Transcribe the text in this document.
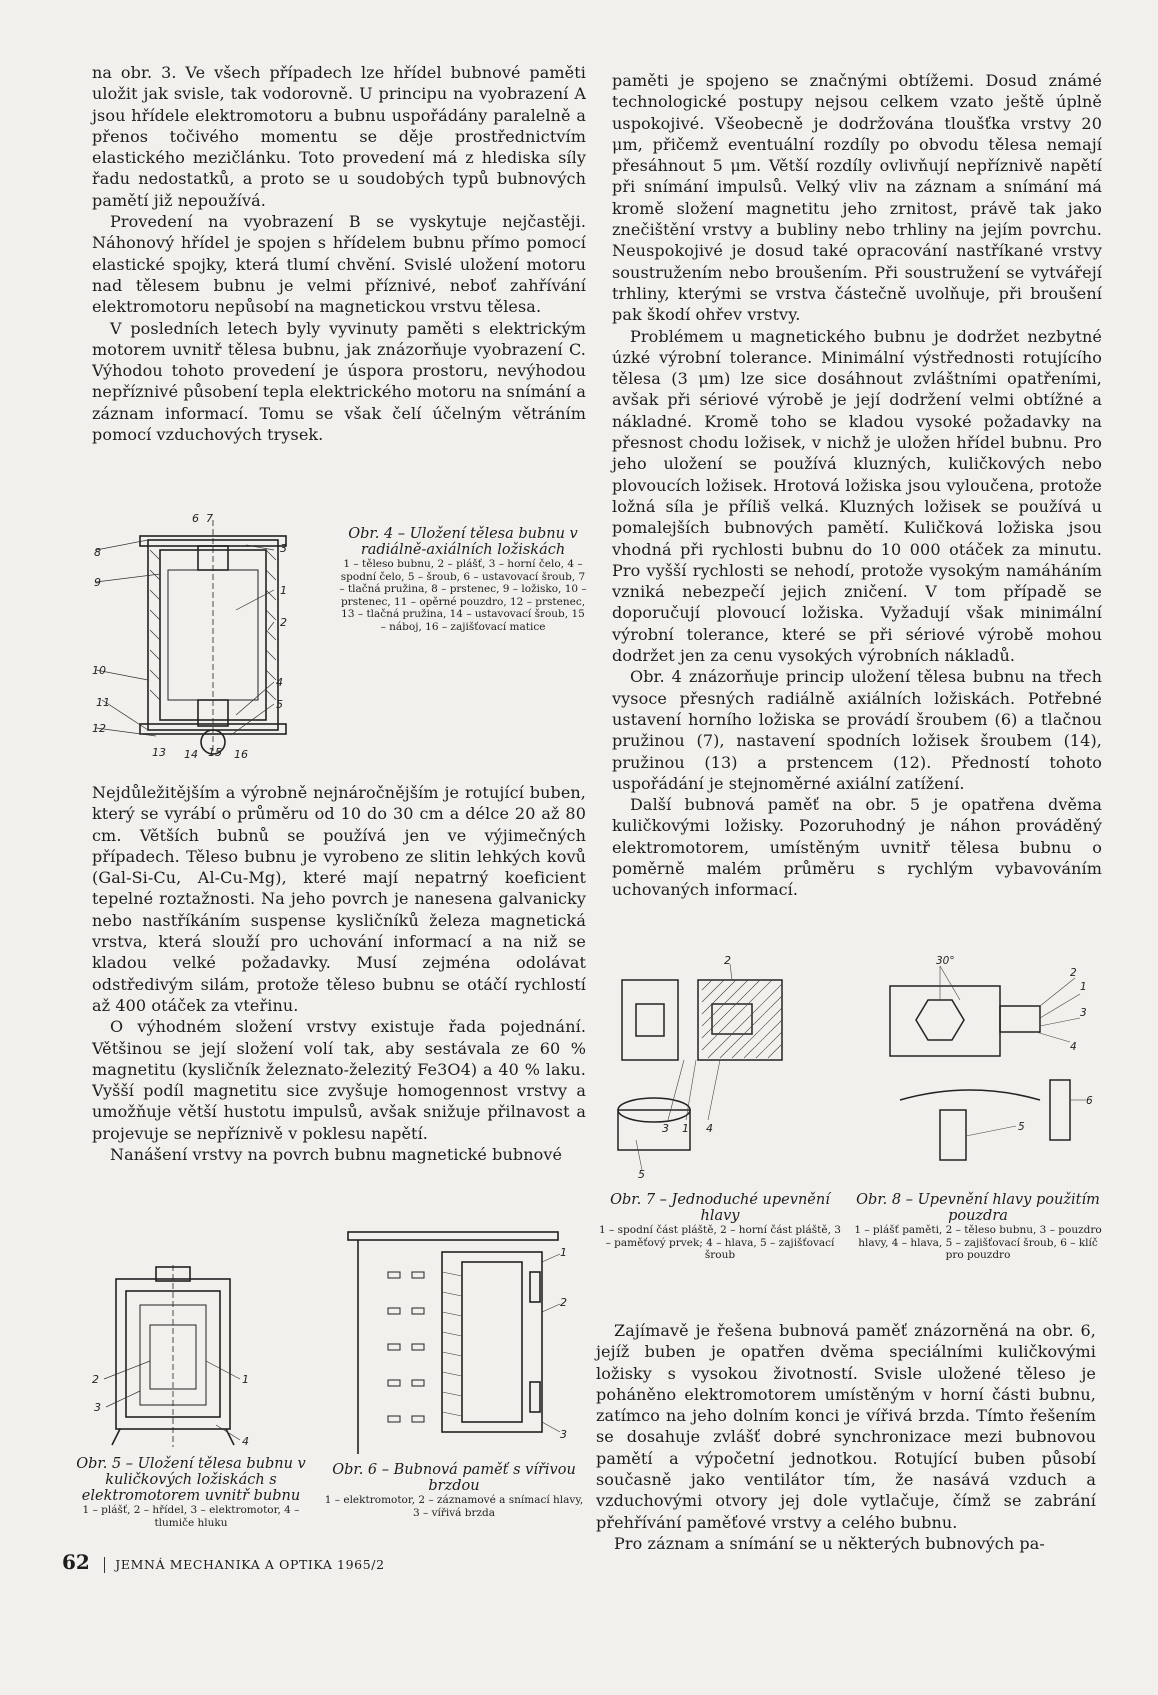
na obr. 3. Ve všech případech lze hřídel bubnové paměti uložit jak svisle, tak vodorovně. U principu na vyobrazení A jsou hřídele elektromotoru a bubnu uspořádány paralelně a přenos točivého momentu se děje prostřednictvím elastického mezičlánku. Toto provedení má z hlediska síly řadu nedostatků, a proto se u soudobých typů bubnových pamětí již nepoužívá.

Provedení na vyobrazení B se vyskytuje nejčastěji. Náhonový hřídel je spojen s hřídelem bubnu přímo pomocí elastické spojky, která tlumí chvění. Svislé uložení motoru nad tělesem bubnu je velmi příznivé, neboť zahřívání elektromotoru nepůsobí na magnetickou vrstvu tělesa.

V posledních letech byly vyvinuty paměti s elektrickým motorem uvnitř tělesa bubnu, jak znázorňuje vyobrazení C. Výhodou tohoto provedení je úspora prostoru, nevýhodou nepříznivé působení tepla elektrického motoru na snímání a záznam informací. Tomu se však čelí účelným větráním pomocí vzduchových trysek.

6 7
8	3
9
1
2
10
4
11	5
12
13 14 15 16
Obr. 4 – Uložení tělesa bubnu v radiálně-axiálních ložiskách
1 – těleso bubnu, 2 – plášť, 3 – horní čelo, 4 – spodní čelo, 5 – šroub, 6 – ustavovací šroub, 7 – tlačná pružina, 8 – prstenec, 9 – ložisko, 10 – prstenec, 11 – opěrné pouzdro, 12 – prstenec, 13 – tlačná pružina, 14 – ustavovací šroub, 15 – náboj, 16 – zajišťovací matice

Nejdůležitějším a výrobně nejnáročnějším je rotující buben, který se vyrábí o průměru od 10 do 30 cm a délce 20 až 80 cm. Větších bubnů se používá jen ve výjimečných případech. Těleso bubnu je vyrobeno ze slitin lehkých kovů (Gal-Si-Cu, Al-Cu-Mg), které mají nepatrný koeficient tepelné roztažnosti. Na jeho povrch je nanesena galvanicky nebo nastříkáním suspense kysličníků železa magnetická vrstva, která slouží pro uchování informací a na niž se kladou velké požadavky. Musí zejména odolávat odstředivým silám, protože těleso bubnu se otáčí rychlostí až 400 otáček za vteřinu.

O výhodném složení vrstvy existuje řada pojednání. Většinou se její složení volí tak, aby sestávala ze 60 % magnetitu (kysličník železnato-železitý Fe3O4) a 40 % laku. Vyšší podíl magnetitu sice zvyšuje homogennost vrstvy a umožňuje větší hustotu impulsů, avšak snižuje přilnavost a projevuje se nepříznivě v poklesu napětí.

Nanášení vrstvy na povrch bubnu magnetické bubnové

2	1
3
4
Obr. 5 – Uložení tělesa bubnu v kuličkových ložiskách s elektromotorem uvnitř bubnu
1 – plášť, 2 – hřídel, 3 – elektromotor, 4 – tlumiče hluku
1
2
3
Obr. 6 – Bubnová paměť s vířivou brzdou
1 – elektromotor, 2 – záznamové a snímací hlavy, 3 – vířivá brzda

paměti je spojeno se značnými obtížemi. Dosud známé technologické postupy nejsou celkem vzato ještě úplně uspokojivé. Všeobecně je dodržována tloušťka vrstvy 20 μm, přičemž eventuální rozdíly po obvodu tělesa nemají přesáhnout 5 μm. Větší rozdíly ovlivňují nepříznivě napětí při snímání impulsů. Velký vliv na záznam a snímání má kromě složení magnetitu jeho zrnitost, právě tak jako znečištění vrstvy a bubliny nebo trhliny na jejím povrchu. Neuspokojivé je dosud také opracování nastříkané vrstvy soustružením nebo broušením. Při soustružení se vytvářejí trhliny, kterými se vrstva částečně uvolňuje, při broušení pak škodí ohřev vrstvy.

Problémem u magnetického bubnu je dodržet nezbytné úzké výrobní tolerance. Minimální výstřednosti rotujícího tělesa (3 μm) lze sice dosáhnout zvláštními opatřeními, avšak při sériové výrobě je její dodržení velmi obtížné a nákladné. Kromě toho se kladou vysoké požadavky na přesnost chodu ložisek, v nichž je uložen hřídel bubnu. Pro jeho uložení se používá kluzných, kuličkových nebo plovoucích ložisek. Hrotová ložiska jsou vyloučena, protože ložná síla je příliš velká. Kluzných ložisek se používá u pomalejších bubnových pamětí. Kuličková ložiska jsou vhodná při rychlosti bubnu do 10 000 otáček za minutu. Pro vyšší rychlosti se nehodí, protože vysokým namáháním vzniká nebezpečí jejich zničení. V tom případě se doporučují plovoucí ložiska. Vyžadují však minimální výrobní tolerance, které se při sériové výrobě mohou dodržet jen za cenu vysokých výrobních nákladů.

Obr. 4 znázorňuje princip uložení tělesa bubnu na třech vysoce přesných radiálně axiálních ložiskách. Potřebné ustavení horního ložiska se provádí šroubem (6) a tlačnou pružinou (7), nastavení spodních ložisek šroubem (14), pružinou (13) a prstencem (12). Předností tohoto uspořádání je stejnoměrné axiální zatížení.

Další bubnová paměť na obr. 5 je opatřena dvěma kuličkovými ložisky. Pozoruhodný je náhon prováděný elektromotorem, umístěným uvnitř tělesa bubnu o poměrně malém průměru s rychlým vybavováním uchovaných informací.

2
3 1 4
5
Obr. 7 – Jednoduché upevnění hlavy
1 – spodní část pláště, 2 – horní část pláště, 3 – paměťový prvek; 4 – hlava, 5 – zajišťovací šroub
30°
2
1
3
4
6
5
Obr. 8 – Upevnění hlavy použitím pouzdra
1 – plášť paměti, 2 – těleso bubnu, 3 – pouzdro hlavy, 4 – hlava, 5 – zajišťovací šroub, 6 – klíč pro pouzdro

Zajímavě je řešena bubnová paměť znázorněná na obr. 6, jejíž buben je opatřen dvěma speciálními kuličkovými ložisky s vysokou životností. Svisle uložené těleso je poháněno elektromotorem umístěným v horní části bubnu, zatímco na jeho dolním konci je vířivá brzda. Tímto řešením se dosahuje zvlášť dobré synchronizace mezi bubnovou pamětí a výpočetní jednotkou. Rotující buben působí současně jako ventilátor tím, že nasává vzduch a vzduchovými otvory jej dole vytlačuje, čímž se zabrání přehřívání paměťové vrstvy a celého bubnu.

Pro záznam a snímání se u některých bubnových pa-

62 JEMNÁ MECHANIKA A OPTIKA 1965/2
